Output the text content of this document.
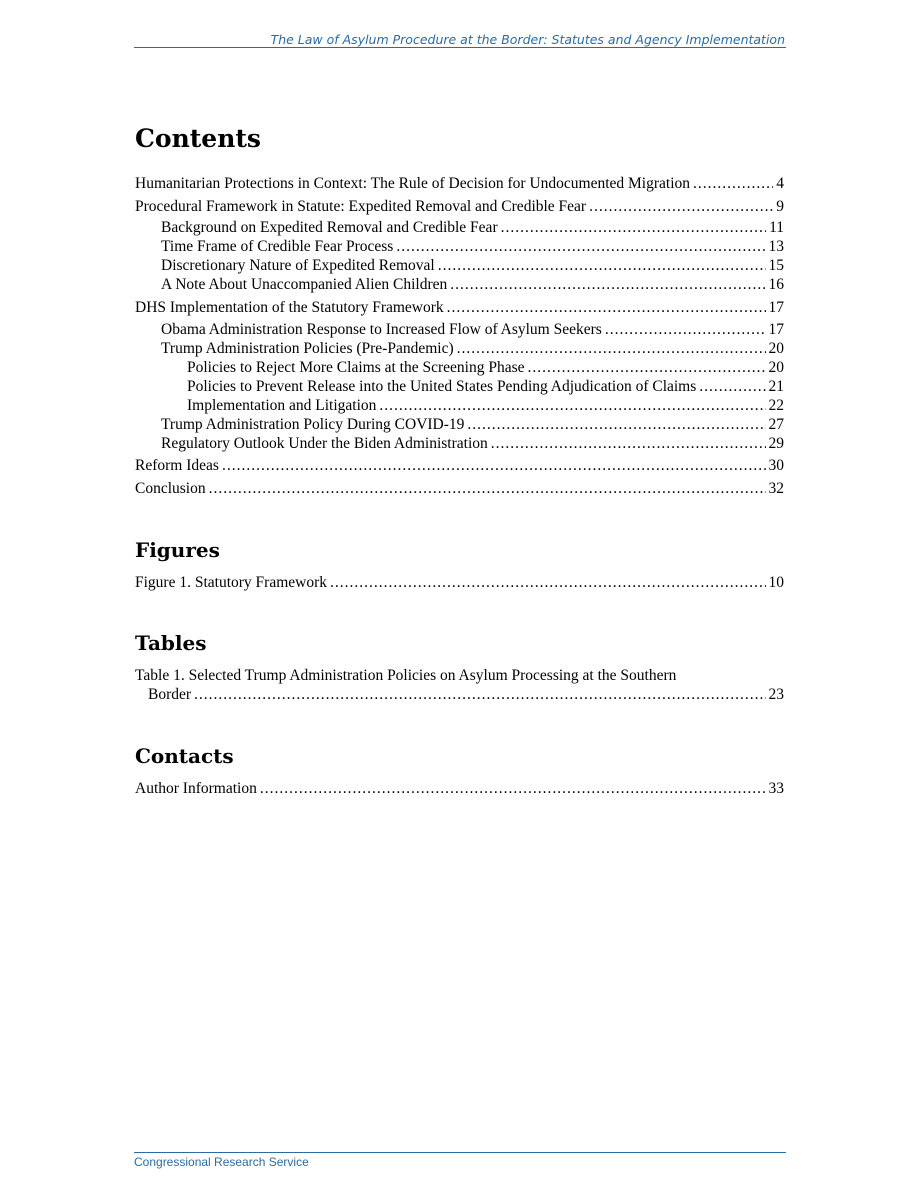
The Law of Asylum Procedure at the Border: Statutes and Agency Implementation
Contents
Humanitarian Protections in Context: The Rule of Decision for Undocumented Migration .....	4
Procedural Framework in Statute: Expedited Removal and Credible Fear .....	9
Background on Expedited Removal and Credible Fear .....	11
Time Frame of Credible Fear Process .....	13
Discretionary Nature of Expedited Removal .....	15
A Note About Unaccompanied Alien Children .....	16
DHS Implementation of the Statutory Framework .....	17
Obama Administration Response to Increased Flow of Asylum Seekers .....	17
Trump Administration Policies (Pre-Pandemic) .....	20
Policies to Reject More Claims at the Screening Phase .....	20
Policies to Prevent Release into the United States Pending Adjudication of Claims .....	21
Implementation and Litigation .....	22
Trump Administration Policy During COVID-19 .....	27
Regulatory Outlook Under the Biden Administration .....	29
Reform Ideas .....	30
Conclusion .....	32
Figures
Figure 1. Statutory Framework .....	10
Tables
Table 1. Selected Trump Administration Policies on Asylum Processing at the Southern
Border .....	23
Contacts
Author Information .....	33
Congressional Research Service
